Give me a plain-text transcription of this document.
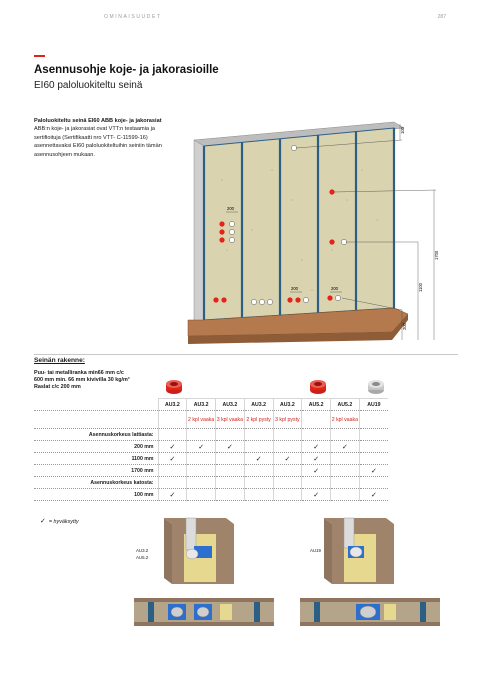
OMINAISUUDET	287
Asennusohje koje- ja jakorasioille
EI60 paloluokiteltu seinä
Paloluokiteltu seinä EI60 ABB koje- ja jakorasiat
ABB:n koje- ja jakorasiat ovat VTT:n testaamia ja sertifioituja (Sertifikaatti nro VTT- C-11599-16) asennettavaksi EI60 paloluokiteltuihin seiniin tämän asennusohjeen mukaan.
100
1700
1100
200
200
200	200
Seinän rakenne:
Puu- tai metalliranka min66 mm c/c
600 mm min. 66 mm kivivilla 30 kg/m³
Raslat c/c 200 mm
	AU3.2	AU3.2	AU3.2	AU3.2	AU3.2	AU5.2	AU5.2	AU19
		2 kpl vaaka	3 kpl vaaka	2 kpl pysty	3 kpl pysty		2 kpl vaaka	
Asennuskorkeus lattiasta:								
200 mm	✓	✓	✓			✓	✓	
1100 mm	✓			✓	✓	✓		
1700 mm						✓		✓
Asennuskorkeus katosta:								
100 mm	✓					✓		✓
✓ = hyväksytty
AU3.2
AU5.2
AU19
